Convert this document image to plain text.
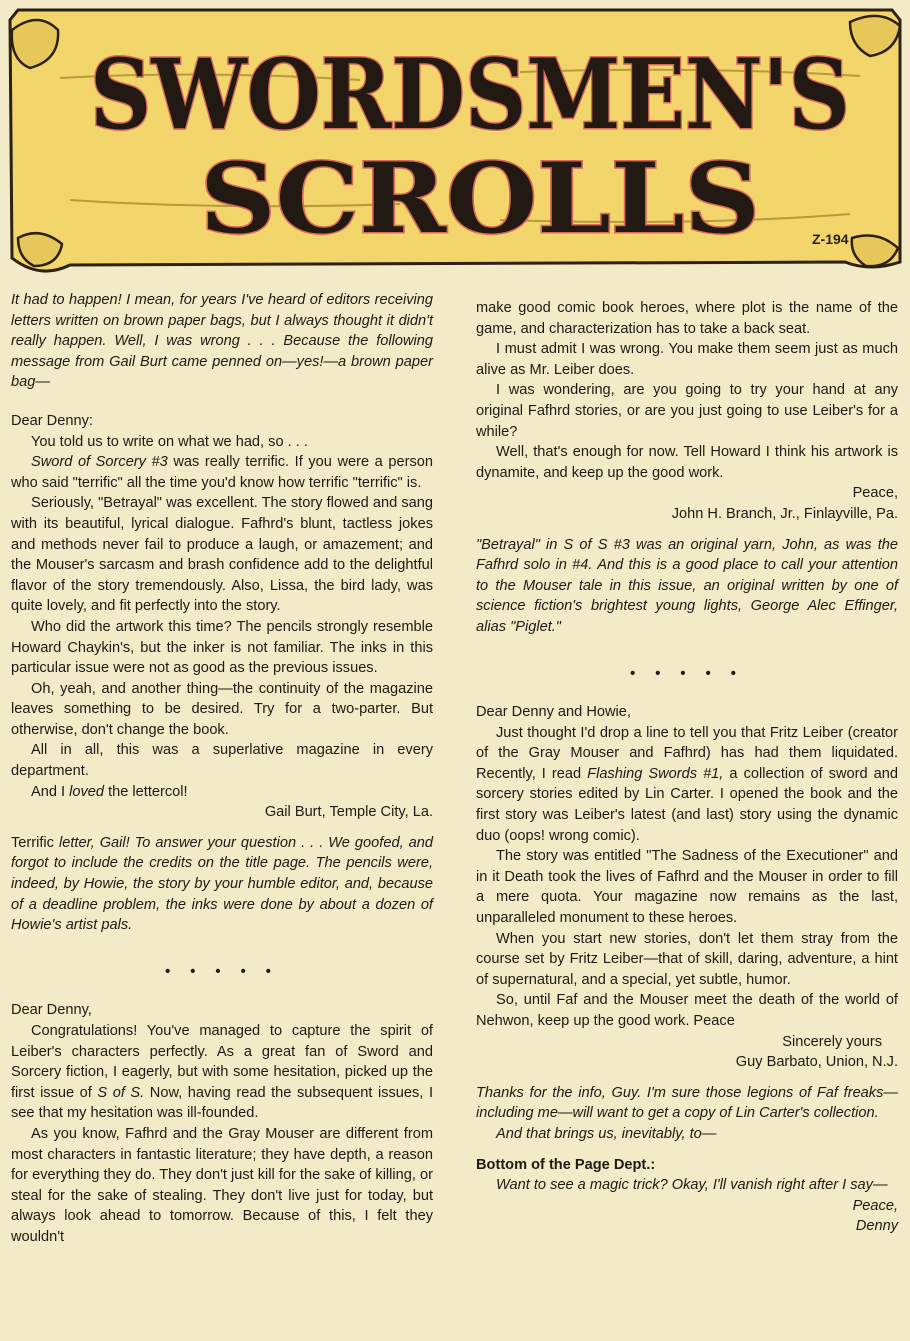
SWORDSMEN'S
SCROLLS	Z-194

It had to happen! I mean, for years I've heard of editors receiving letters written on brown paper bags, but I always thought it didn't really happen. Well, I was wrong . . . Because the following message from Gail Burt came penned on—yes!—a brown paper bag—

Dear Denny:

You told us to write on what we had, so . . .

Sword of Sorcery #3 was really terrific. If you were a person who said "terrific" all the time you'd know how terrific "terrific" is.

Seriously, "Betrayal" was excellent. The story flowed and sang with its beautiful, lyrical dialogue. Fafhrd's blunt, tactless jokes and methods never fail to produce a laugh, or amazement; and the Mouser's sarcasm and brash confidence add to the delightful flavor of the story tremendously. Also, Lissa, the bird lady, was quite lovely, and fit perfectly into the story.

Who did the artwork this time? The pencils strongly resemble Howard Chaykin's, but the inker is not familiar. The inks in this particular issue were not as good as the previous issues.

Oh, yeah, and another thing—the continuity of the magazine leaves something to be desired. Try for a two-parter. But otherwise, don't change the book.

All in all, this was a superlative magazine in every department.

And I loved the lettercol!

Gail Burt, Temple City, La.

Terrific letter, Gail! To answer your question . . . We goofed, and forgot to include the credits on the title page. The pencils were, indeed, by Howie, the story by your humble editor, and, because of a deadline problem, the inks were done by about a dozen of Howie's artist pals.

• • • • •

Dear Denny,

Congratulations! You've managed to capture the spirit of Leiber's characters perfectly. As a great fan of Sword and Sorcery fiction, I eagerly, but with some hesitation, picked up the first issue of S of S. Now, having read the subsequent issues, I see that my hesitation was ill-founded.

As you know, Fafhrd and the Gray Mouser are different from most characters in fantastic literature; they have depth, a reason for everything they do. They don't just kill for the sake of killing, or steal for the sake of stealing. They don't live just for today, but always look ahead to tomorrow. Because of this, I felt they wouldn't

make good comic book heroes, where plot is the name of the game, and characterization has to take a back seat.

I must admit I was wrong. You make them seem just as much alive as Mr. Leiber does.

I was wondering, are you going to try your hand at any original Fafhrd stories, or are you just going to use Leiber's for a while?

Well, that's enough for now. Tell Howard I think his artwork is dynamite, and keep up the good work.

Peace,

John H. Branch, Jr., Finlayville, Pa.

"Betrayal" in S of S #3 was an original yarn, John, as was the Fafhrd solo in #4. And this is a good place to call your attention to the Mouser tale in this issue, an original written by one of science fiction's brightest young lights, George Alec Effinger, alias "Piglet."

• • • • •

Dear Denny and Howie,

Just thought I'd drop a line to tell you that Fritz Leiber (creator of the Gray Mouser and Fafhrd) has had them liquidated. Recently, I read Flashing Swords #1, a collection of sword and sorcery stories edited by Lin Carter. I opened the book and the first story was Leiber's latest (and last) story using the dynamic duo (oops! wrong comic).

The story was entitled "The Sadness of the Executioner" and in it Death took the lives of Fafhrd and the Mouser in order to fill a mere quota. Your magazine now remains as the last, unparalleled monument to these heroes.

When you start new stories, don't let them stray from the course set by Fritz Leiber—that of skill, daring, adventure, a hint of supernatural, and a special, yet subtle, humor.

So, until Faf and the Mouser meet the death of the world of Nehwon, keep up the good work. Peace

Sincerely yours

Guy Barbato, Union, N.J.

Thanks for the info, Guy. I'm sure those legions of Faf freaks—including me—will want to get a copy of Lin Carter's collection.

And that brings us, inevitably, to—

Bottom of the Page Dept.:

Want to see a magic trick? Okay, I'll vanish right after I say—

Peace,

Denny
